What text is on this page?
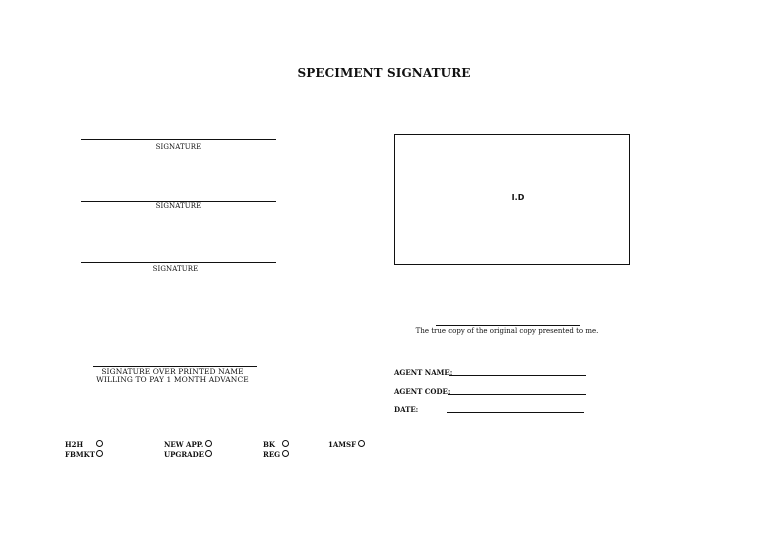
SPECIMENT SIGNATURE
SIGNATURE
SIGNATURE
SIGNATURE
I.D
The true copy of the original copy presented to me.
SIGNATURE OVER PRINTED NAME
WILLING TO PAY 1 MONTH ADVANCE
AGENT NAME:
AGENT CODE:
DATE:
H2H
FBMKT
NEW APP.
UPGRADE
BK
REG
1AMSF
